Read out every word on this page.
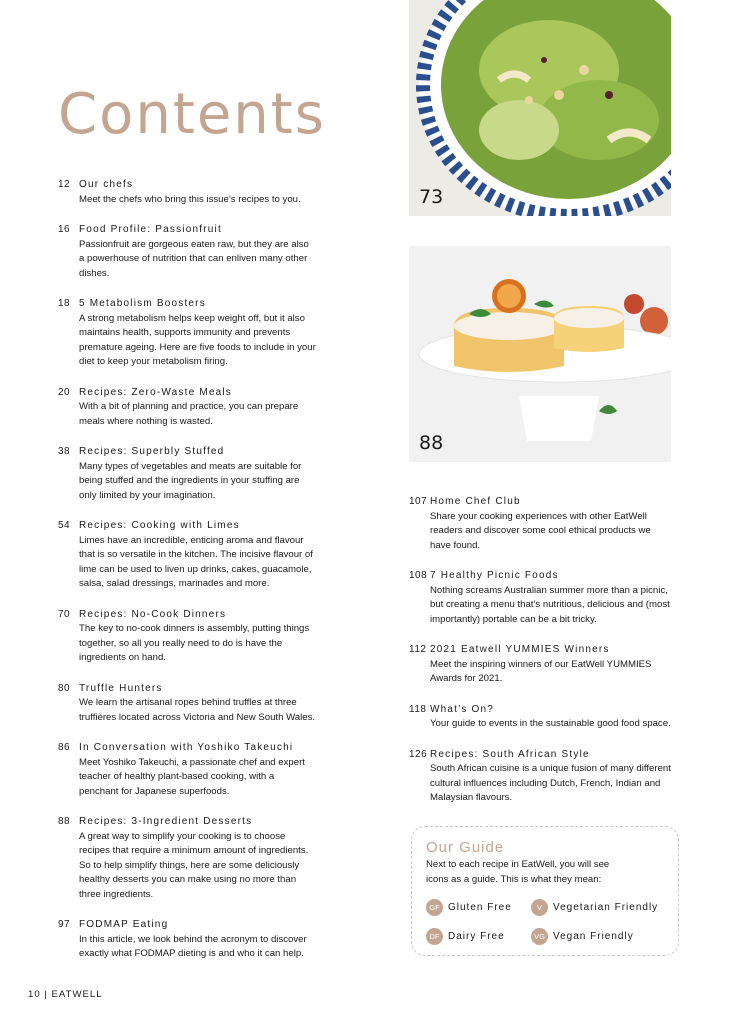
Contents
12 Our chefs
Meet the chefs who bring this issue’s recipes to you.
16 Food Profile: Passionfruit
Passionfruit are gorgeous eaten raw, but they are also a powerhouse of nutrition that can enliven many other dishes.
18 5 Metabolism Boosters
A strong metabolism helps keep weight off, but it also maintains health, supports immunity and prevents premature ageing. Here are five foods to include in your diet to keep your metabolism firing.
20 Recipes: Zero-Waste Meals
With a bit of planning and practice, you can prepare meals where nothing is wasted.
38 Recipes: Superbly Stuffed
Many types of vegetables and meats are suitable for being stuffed and the ingredients in your stuffing are only limited by your imagination.
54 Recipes: Cooking with Limes
Limes have an incredible, enticing aroma and flavour that is so versatile in the kitchen. The incisive flavour of lime can be used to liven up drinks, cakes, guacamole, salsa, salad dressings, marinades and more.
70 Recipes: No-Cook Dinners
The key to no-cook dinners is assembly, putting things together, so all you really need to do is have the ingredients on hand.
80 Truffle Hunters
We learn the artisanal ropes behind truffles at three truffières located across Victoria and New South Wales.
86 In Conversation with Yoshiko Takeuchi
Meet Yoshiko Takeuchi, a passionate chef and expert teacher of healthy plant-based cooking, with a penchant for Japanese superfoods.
88 Recipes: 3-Ingredient Desserts
A great way to simplify your cooking is to choose recipes that require a minimum amount of ingredients. So to help simplify things, here are some deliciously healthy desserts you can make using no more than three ingredients.
97 FODMAP Eating
In this article, we look behind the acronym to discover exactly what FODMAP dieting is and who it can help.
73
88
107 Home Chef Club
Share your cooking experiences with other EatWell readers and discover some cool ethical products we have found.
108 7 Healthy Picnic Foods
Nothing screams Australian summer more than a picnic, but creating a menu that’s nutritious, delicious and (most importantly) portable can be a bit tricky.
112 2021 Eatwell YUMMIES Winners
Meet the inspiring winners of our EatWell YUMMIES Awards for 2021.
118 What’s On?
Your guide to events in the sustainable good food space.
126 Recipes: South African Style
South African cuisine is a unique fusion of many different cultural influences including Dutch, French, Indian and Malaysian flavours.
Our Guide
Next to each recipe in EatWell, you will see icons as a guide. This is what they mean:
GF Gluten Free	V	Vegetarian Friendly
DF Dairy Free	VG Vegan Friendly
10 | EATWELL
